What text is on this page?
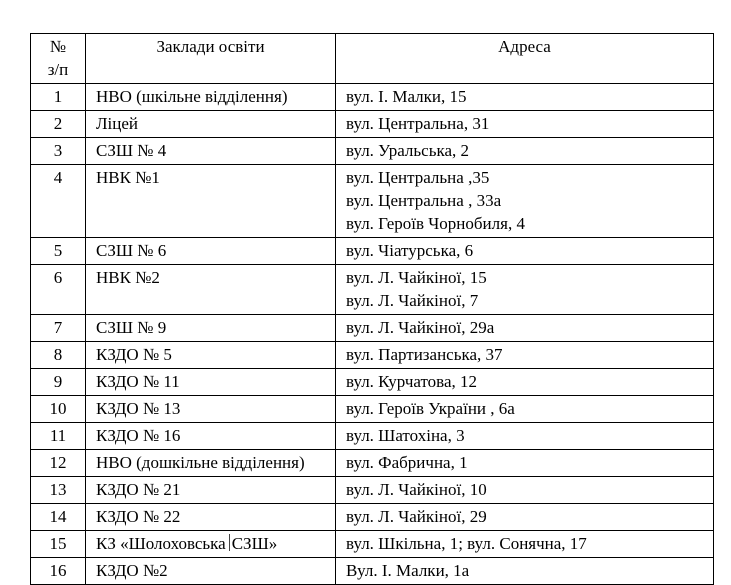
№
з/п	Заклади освіти	Адреса
1	НВО (шкільне відділення)	вул. І. Малки, 15

2	Ліцей	вул. Центральна, 31

3	СЗШ № 4	вул. Уральська, 2

4	НВК №1	вул. Центральна ,35
вул. Центральна , 33а
вул. Героїв Чорнобиля, 4

5	СЗШ № 6	вул. Чіатурська, 6

6	НВК №2	вул. Л. Чайкіної, 15
вул. Л. Чайкіної, 7

7	СЗШ № 9	вул. Л. Чайкіної, 29а

8	КЗДО № 5	вул. Партизанська, 37

9	КЗДО № 11	вул. Курчатова, 12

10	КЗДО № 13	вул. Героїв України , 6а

11	КЗДО № 16	вул. Шатохіна, 3

12	НВО (дошкільне відділення)	вул. Фабрична, 1

13	КЗДО № 21	вул. Л. Чайкіної, 10

14	КЗДО № 22	вул. Л. Чайкіної, 29

15	КЗ «Шолоховська СЗШ»	вул. Шкільна, 1; вул. Сонячна, 17

16	КЗДО №2	Вул. І. Малки, 1а
